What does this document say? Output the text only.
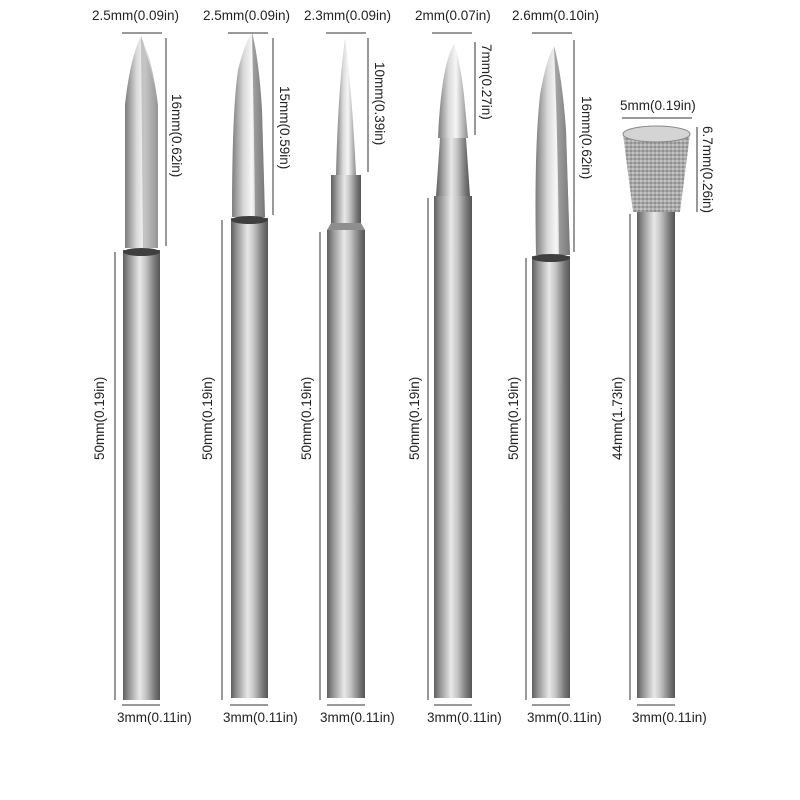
2.5mm(0.09in)
16mm(0.62in)
50mm(0.19in)
3mm(0.11in)
2.5mm(0.09in)
15mm(0.59in)
50mm(0.19in)
3mm(0.11in)
2.3mm(0.09in)
10mm(0.39in)
50mm(0.19in)
3mm(0.11in)
2mm(0.07in)
7mm(0.27in)
50mm(0.19in)
3mm(0.11in)
2.6mm(0.10in)
16mm(0.62in)
50mm(0.19in)
3mm(0.11in)
5mm(0.19in)
6.7mm(0.26in)
44mm(1.73in)
3mm(0.11in)
